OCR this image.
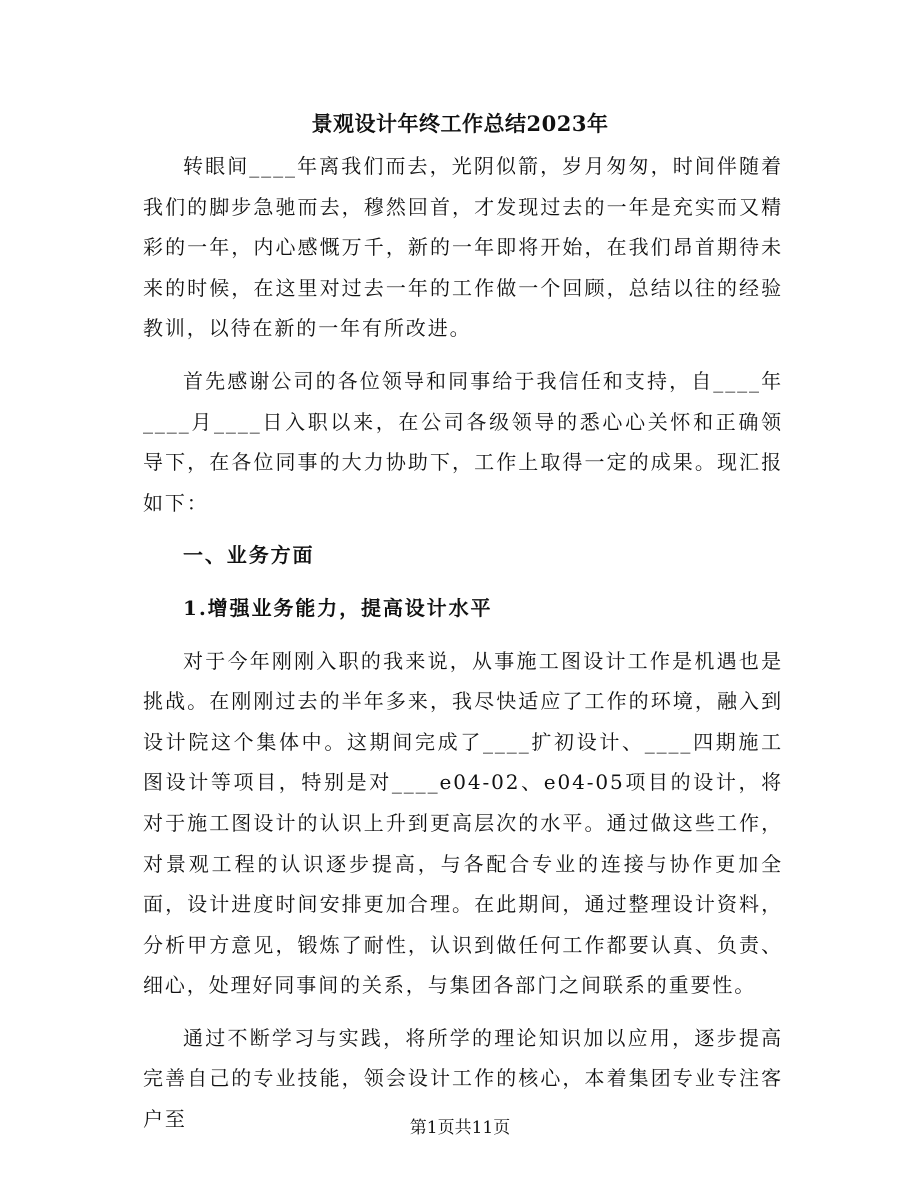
景观设计年终工作总结2023年

转眼间____年离我们而去，光阴似箭，岁月匆匆，时间伴随着我们的脚步急驰而去，穆然回首，才发现过去的一年是充实而又精彩的一年，内心感慨万千，新的一年即将开始，在我们昂首期待未来的时候，在这里对过去一年的工作做一个回顾，总结以往的经验教训，以待在新的一年有所改进。

首先感谢公司的各位领导和同事给于我信任和支持，自____年____月____日入职以来，在公司各级领导的悉心心关怀和正确领导下，在各位同事的大力协助下，工作上取得一定的成果。现汇报如下：

一、业务方面

1.增强业务能力，提高设计水平

对于今年刚刚入职的我来说，从事施工图设计工作是机遇也是挑战。在刚刚过去的半年多来，我尽快适应了工作的环境，融入到设计院这个集体中。这期间完成了____扩初设计、____四期施工图设计等项目，特别是对____e04-02、e04-05项目的设计，将对于施工图设计的认识上升到更高层次的水平。通过做这些工作，对景观工程的认识逐步提高，与各配合专业的连接与协作更加全面，设计进度时间安排更加合理。在此期间，通过整理设计资料，分析甲方意见，锻炼了耐性，认识到做任何工作都要认真、负责、细心，处理好同事间的关系，与集团各部门之间联系的重要性。

通过不断学习与实践，将所学的理论知识加以应用，逐步提高完善自己的专业技能，领会设计工作的核心，本着集团专业专注客户至	第1页共11页
